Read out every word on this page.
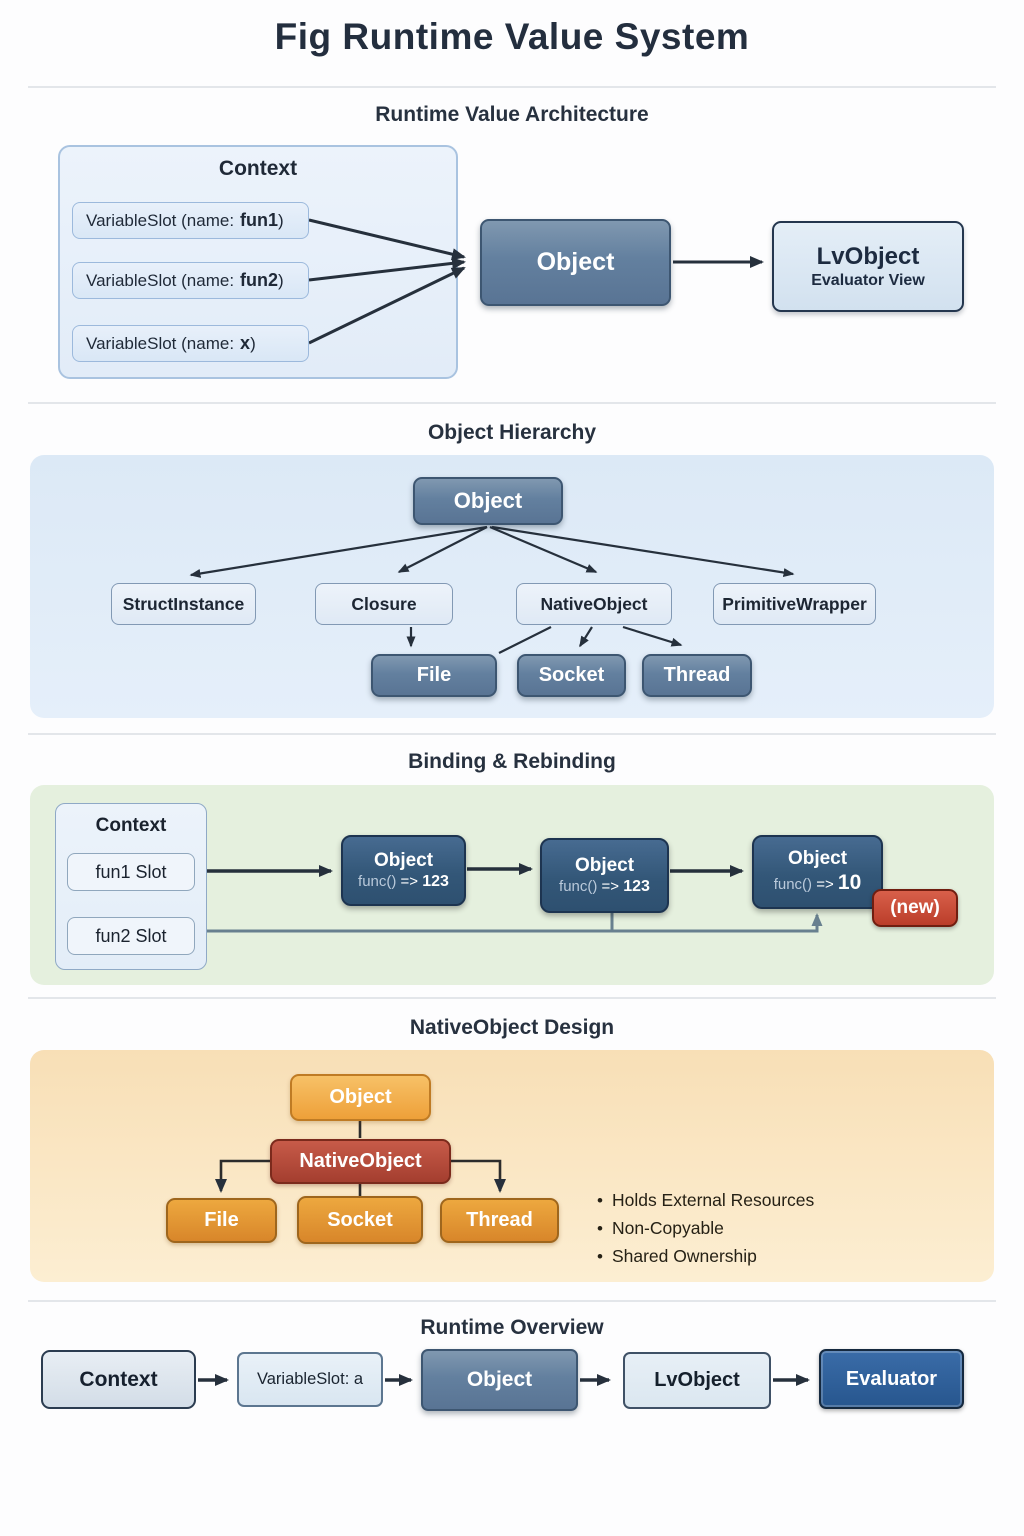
Fig Runtime Value System
Runtime Value Architecture
Context
VariableSlot (name: fun1 )
VariableSlot (name: fun2 )
VariableSlot (name: x )
Object	LvObject
Evaluator View
Object Hierarchy
Object
StructInstance	Closure	NativeObject	PrimitiveWrapper
File	Socket	Thread
Binding & Rebinding
Context
fun1 Slot
fun2 Slot
Object
func() => 123
Object
func() => 123
Object
func() => 10
(new)
NativeObject Design
Object
NativeObject
File	Socket	Thread
• Holds External Resources
• Non-Copyable
• Shared Ownership
Runtime Overview
Context	VariableSlot: a	Object	LvObject	Evaluator
